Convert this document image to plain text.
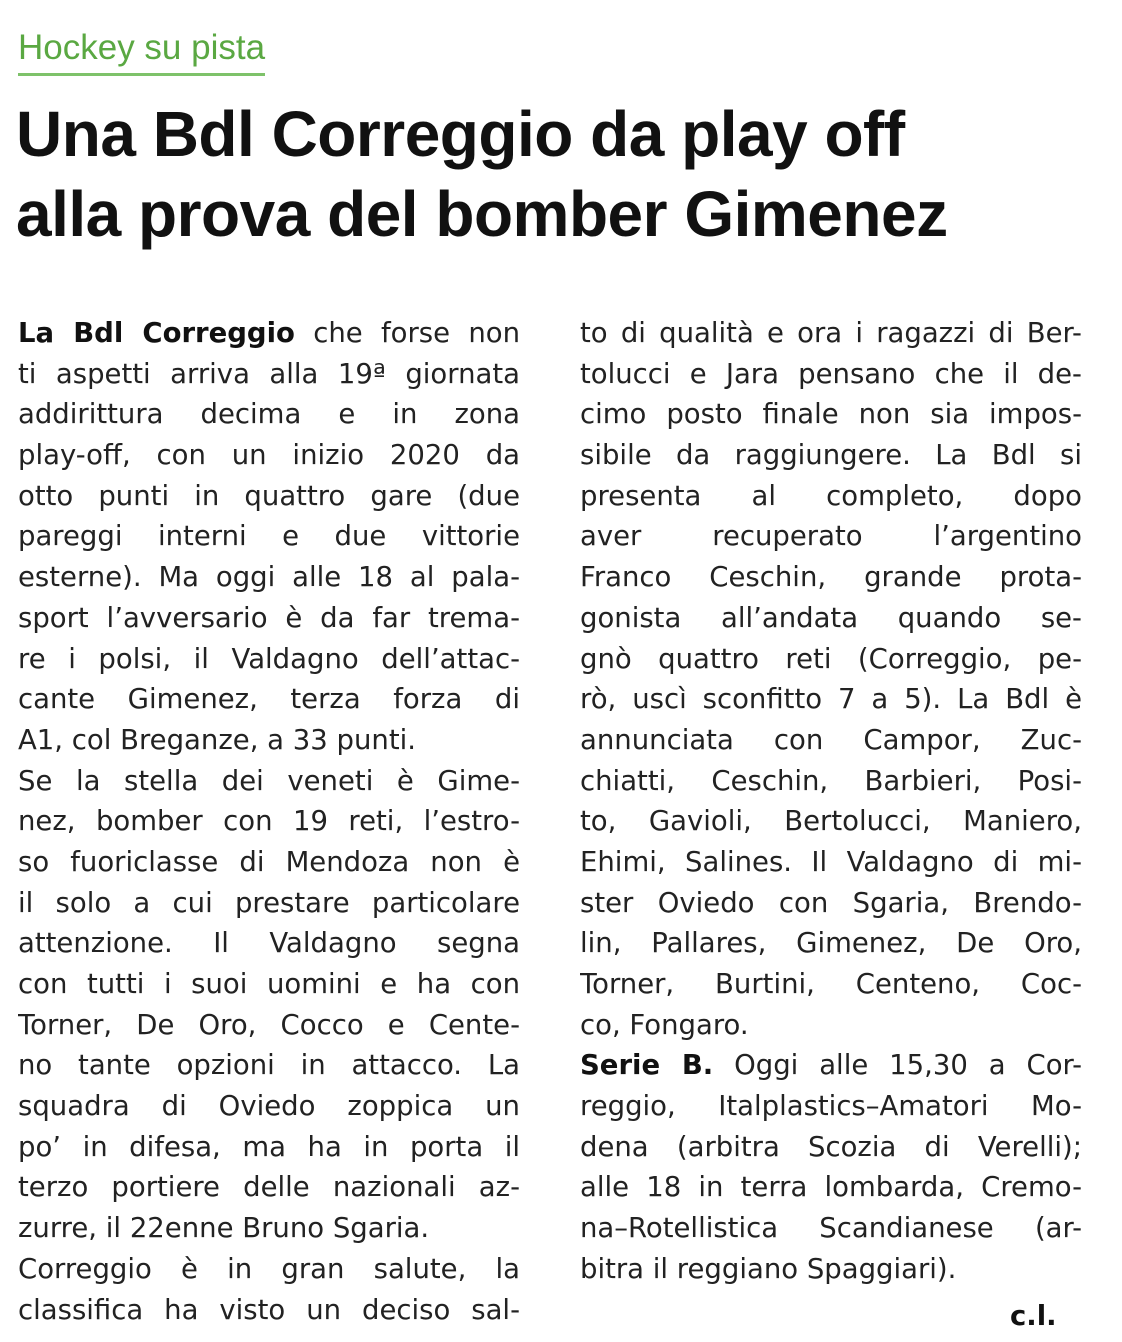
Hockey su pista
Una Bdl Correggio da play off
alla prova del bomber Gimenez
La Bdl Correggio che forse non
ti aspetti arriva alla 19ª giornata
addirittura decima e in zona
play-off, con un inizio 2020 da
otto punti in quattro gare (due
pareggi interni e due vittorie
esterne). Ma oggi alle 18 al pala-
sport l’avversario è da far trema-
re i polsi, il Valdagno dell’attac-
cante Gimenez, terza forza di
A1, col Breganze, a 33 punti.
Se la stella dei veneti è Gime-
nez, bomber con 19 reti, l’estro-
so fuoriclasse di Mendoza non è
il solo a cui prestare particolare
attenzione. Il Valdagno segna
con tutti i suoi uomini e ha con
Torner, De Oro, Cocco e Cente-
no tante opzioni in attacco. La
squadra di Oviedo zoppica un
po’ in difesa, ma ha in porta il
terzo portiere delle nazionali az-
zurre, il 22enne Bruno Sgaria.
Correggio è in gran salute, la
classifica ha visto un deciso sal-
to di qualità e ora i ragazzi di Ber-
tolucci e Jara pensano che il de-
cimo posto finale non sia impos-
sibile da raggiungere. La Bdl si
presenta al completo, dopo
aver recuperato l’argentino
Franco Ceschin, grande prota-
gonista all’andata quando se-
gnò quattro reti (Correggio, pe-
rò, uscì sconfitto 7 a 5). La Bdl è
annunciata con Campor, Zuc-
chiatti, Ceschin, Barbieri, Posi-
to, Gavioli, Bertolucci, Maniero,
Ehimi, Salines. Il Valdagno di mi-
ster Oviedo con Sgaria, Brendo-
lin, Pallares, Gimenez, De Oro,
Torner, Burtini, Centeno, Coc-
co, Fongaro.
Serie B. Oggi alle 15,30 a Cor-
reggio, Italplastics–Amatori Mo-
dena (arbitra Scozia di Verelli);
alle 18 in terra lombarda, Cremo-
na–Rotellistica Scandianese (ar-
bitra il reggiano Spaggiari).
c.l.
